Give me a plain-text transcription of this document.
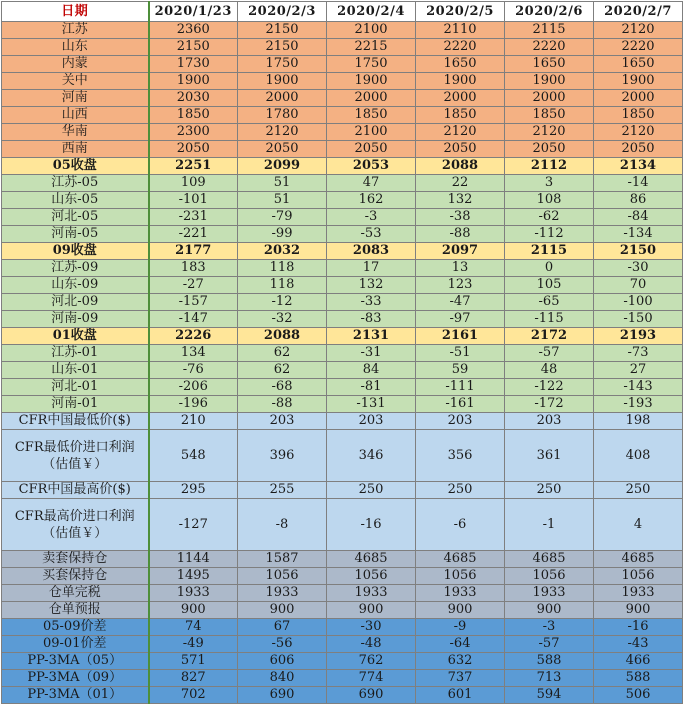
日期	2020/1/23	2020/2/3	2020/2/4	2020/2/5	2020/2/6	2020/2/7
江苏	2360	2150	2100	2110	2115	2120
山东	2150	2150	2215	2220	2220	2220
内蒙	1730	1750	1750	1650	1650	1650
关中	1900	1900	1900	1900	1900	1900
河南	2030	2000	2000	2000	2000	2000
山西	1850	1780	1850	1850	1850	1850
华南	2300	2120	2100	2120	2120	2120
西南	2050	2050	2050	2050	2050	2050
05收盘	2251	2099	2053	2088	2112	2134
江苏-05	109	51	47	22	3	-14
山东-05	-101	51	162	132	108	86
河北-05	-231	-79	-3	-38	-62	-84
河南-05	-221	-99	-53	-88	-112	-134
09收盘	2177	2032	2083	2097	2115	2150
江苏-09	183	118	17	13	0	-30
山东-09	-27	118	132	123	105	70
河北-09	-157	-12	-33	-47	-65	-100
河南-09	-147	-32	-83	-97	-115	-150
01收盘	2226	2088	2131	2161	2172	2193
江苏-01	134	62	-31	-51	-57	-73
山东-01	-76	62	84	59	48	27
河北-01	-206	-68	-81	-111	-122	-143
河南-01	-196	-88	-131	-161	-172	-193
CFR中国最低价($)	210	203	203	203	203	198
CFR最低价进口利润（估值￥）	548	396	346	356	361	408
CFR中国最高价($)	295	255	250	250	250	250
CFR最高价进口利润（估值￥）	-127	-8	-16	-6	-1	4
卖套保持仓	1144	1587	4685	4685	4685	4685
买套保持仓	1495	1056	1056	1056	1056	1056
仓单完税	1933	1933	1933	1933	1933	1933
仓单预报	900	900	900	900	900	900
05-09价差	74	67	-30	-9	-3	-16
09-01价差	-49	-56	-48	-64	-57	-43
PP-3MA（05）	571	606	762	632	588	466
PP-3MA（09）	827	840	774	737	713	588
PP-3MA（01）	702	690	690	601	594	506
